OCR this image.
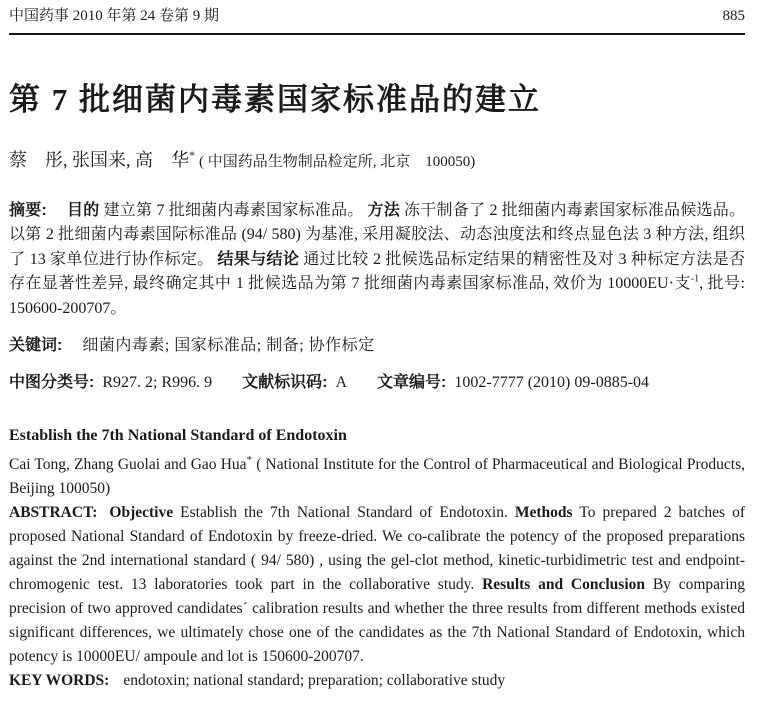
中国药事 2010 年第 24 卷第 9 期	885
第 7 批细菌内毒素国家标准品的建立
蔡　彤, 张国来, 高　华* ( 中国药品生物制品检定所, 北京　100050)

摘要: 目的 建立第 7 批细菌内毒素国家标准品。 方法 冻干制备了 2 批细菌内毒素国家标准品候选品。以第 2 批细菌内毒素国际标准品 (94/ 580) 为基准, 采用凝胶法、动态浊度法和终点显色法 3 种方法, 组织了 13 家单位进行协作标定。 结果与结论 通过比较 2 批候选品标定结果的精密性及对 3 种标定方法是否存在显著性差异, 最终确定其中 1 批候选品为第 7 批细菌内毒素国家标准品, 效价为 10000EU·支$^{-1}$, 批号: 150600-200707。

关键词: 细菌内毒素; 国家标准品; 制备; 协作标定
中图分类号: R927. 2; R996. 9 文献标识码: A 文章编号: 1002-7777 (2010) 09-0885-04
Establish the 7th National Standard of Endotoxin
Cai Tong, Zhang Guolai and Gao Hua* ( National Institute for the Control of Pharmaceutical and Biological Products, Beijing 100050)

ABSTRACT: Objective Establish the 7th National Standard of Endotoxin. Methods To prepared 2 batches of proposed National Standard of Endotoxin by freeze-dried. We co-calibrate the potency of the proposed preparations against the 2nd international standard ( 94/ 580) , using the gel-clot method, kinetic-turbidimetric test and endpoint-chromogenic test. 13 laboratories took part in the collaborative study. Results and Conclusion By comparing precision of two approved candidates´ calibration results and whether the three results from different methods existed significant differences, we ultimately chose one of the candidates as the 7th National Standard of Endotoxin, which potency is 10000EU/ ampoule and lot is 150600-200707.

KEY WORDS: endotoxin; national standard; preparation; collaborative study
